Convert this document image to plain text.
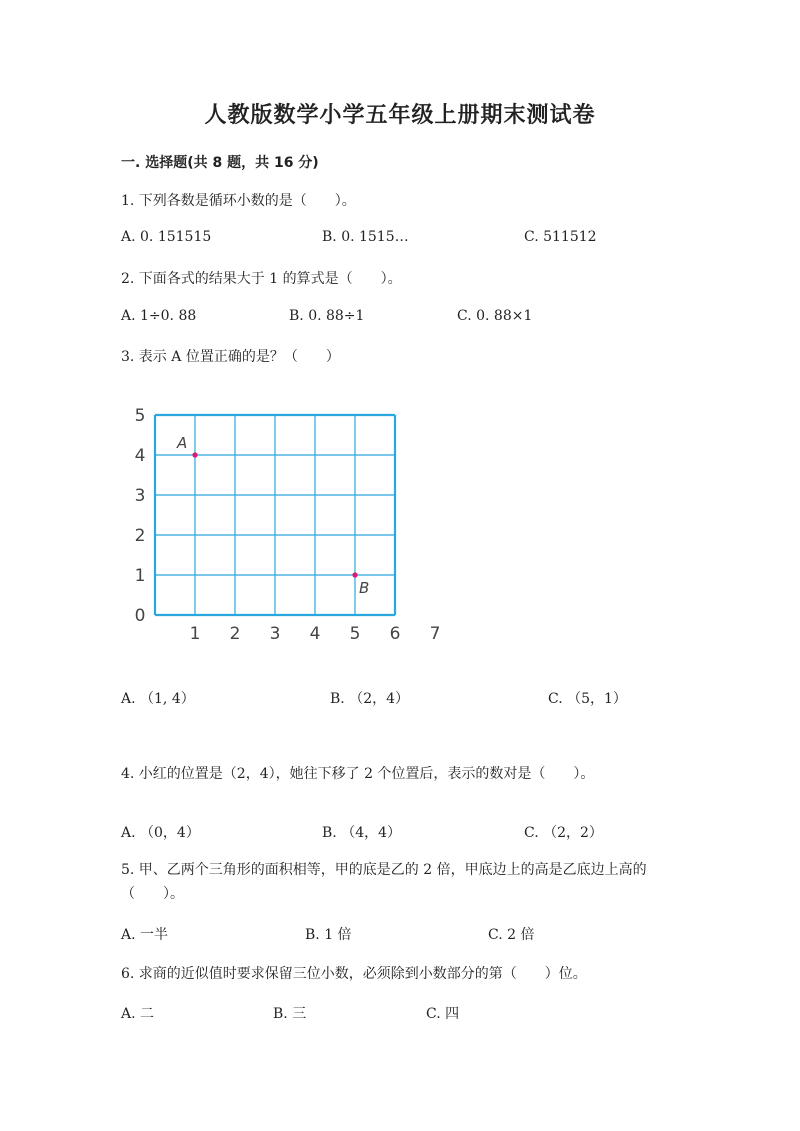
人教版数学小学五年级上册期末测试卷
一. 选择题(共 8 题，共 16 分)
1. 下列各数是循环小数的是（　　）。
A. 0. 151515	B. 0. 1515…	C. 511512
2. 下面各式的结果大于 1 的算式是（　　）。
A. 1÷0. 88	B. 0. 88÷1	C. 0. 88×1
3. 表示 A 位置正确的是？（　　）
0
1
2
3
4
5
1 2 3 4 5 6 7
A
B
A. （1, 4）	B. （2，4）	C. （5，1）
4. 小红的位置是（2，4），她往下移了 2 个位置后，表示的数对是（　　）。
A. （0，4）	B. （4，4）	C. （2，2）
5. 甲、乙两个三角形的面积相等，甲的底是乙的 2 倍，甲底边上的高是乙底边上高的（　　）。
A. 一半	B. 1 倍	C. 2 倍
6. 求商的近似值时要求保留三位小数，必须除到小数部分的第（　　）位。
A. 二	B. 三	C. 四
